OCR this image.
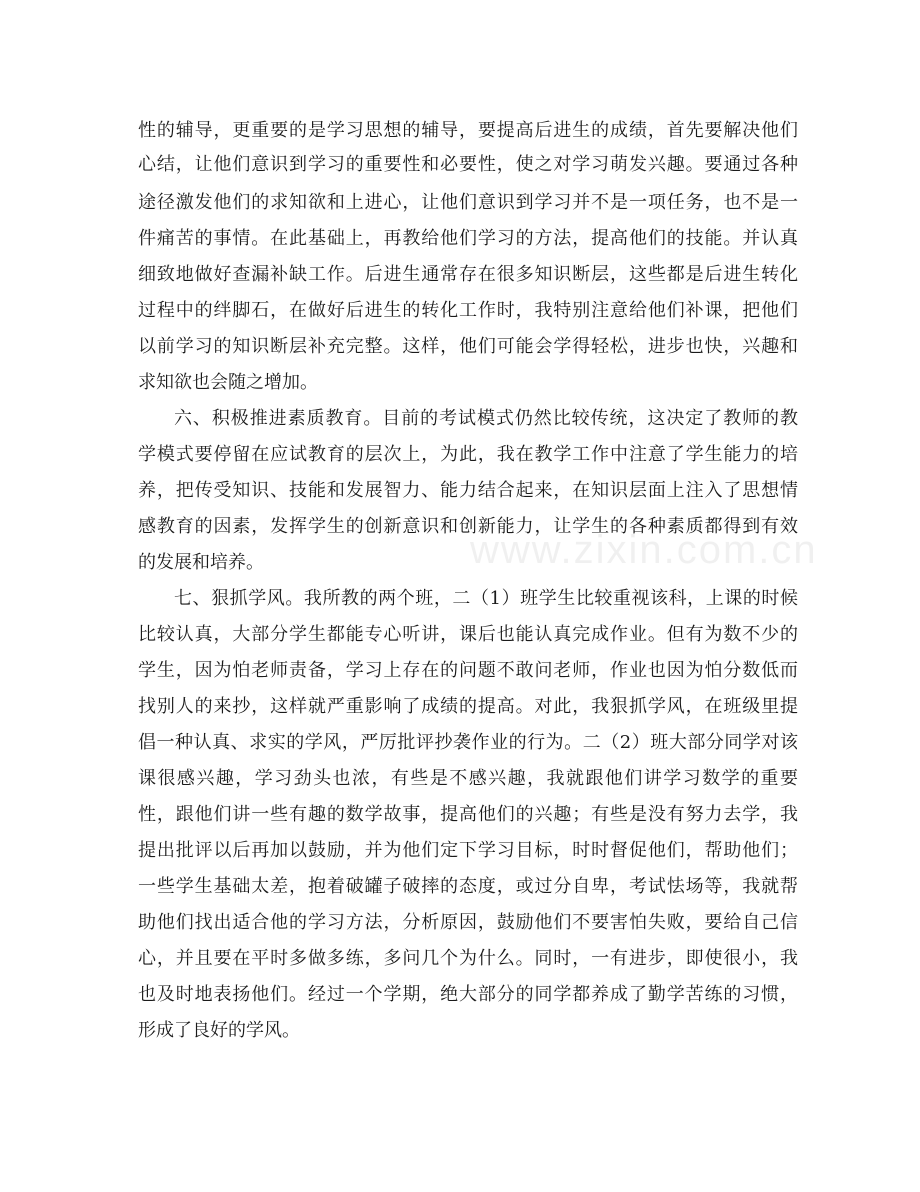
www.zixin.com.cn
性的辅导，更重要的是学习思想的辅导，要提高后进生的成绩，首先要解决他们
心结，让他们意识到学习的重要性和必要性，使之对学习萌发兴趣。要通过各种
途径激发他们的求知欲和上进心，让他们意识到学习并不是一项任务，也不是一
件痛苦的事情。在此基础上，再教给他们学习的方法，提高他们的技能。并认真
细致地做好查漏补缺工作。后进生通常存在很多知识断层，这些都是后进生转化
过程中的绊脚石，在做好后进生的转化工作时，我特别注意给他们补课，把他们
以前学习的知识断层补充完整。这样，他们可能会学得轻松，进步也快，兴趣和
求知欲也会随之增加。
六、积极推进素质教育。目前的考试模式仍然比较传统，这决定了教师的教
学模式要停留在应试教育的层次上，为此，我在教学工作中注意了学生能力的培
养，把传受知识、技能和发展智力、能力结合起来，在知识层面上注入了思想情
感教育的因素，发挥学生的创新意识和创新能力，让学生的各种素质都得到有效
的发展和培养。
七、狠抓学风。我所教的两个班，二（1）班学生比较重视该科，上课的时候
比较认真，大部分学生都能专心听讲，课后也能认真完成作业。但有为数不少的
学生，因为怕老师责备，学习上存在的问题不敢问老师，作业也因为怕分数低而
找别人的来抄，这样就严重影响了成绩的提高。对此，我狠抓学风，在班级里提
倡一种认真、求实的学风，严厉批评抄袭作业的行为。二（2）班大部分同学对该
课很感兴趣，学习劲头也浓，有些是不感兴趣，我就跟他们讲学习数学的重要
性，跟他们讲一些有趣的数学故事，提高他们的兴趣；有些是没有努力去学，我
提出批评以后再加以鼓励，并为他们定下学习目标，时时督促他们，帮助他们；
一些学生基础太差，抱着破罐子破摔的态度，或过分自卑，考试怯场等，我就帮
助他们找出适合他的学习方法，分析原因，鼓励他们不要害怕失败，要给自己信
心，并且要在平时多做多练，多问几个为什么。同时，一有进步，即使很小，我
也及时地表扬他们。经过一个学期，绝大部分的同学都养成了勤学苦练的习惯，
形成了良好的学风。
